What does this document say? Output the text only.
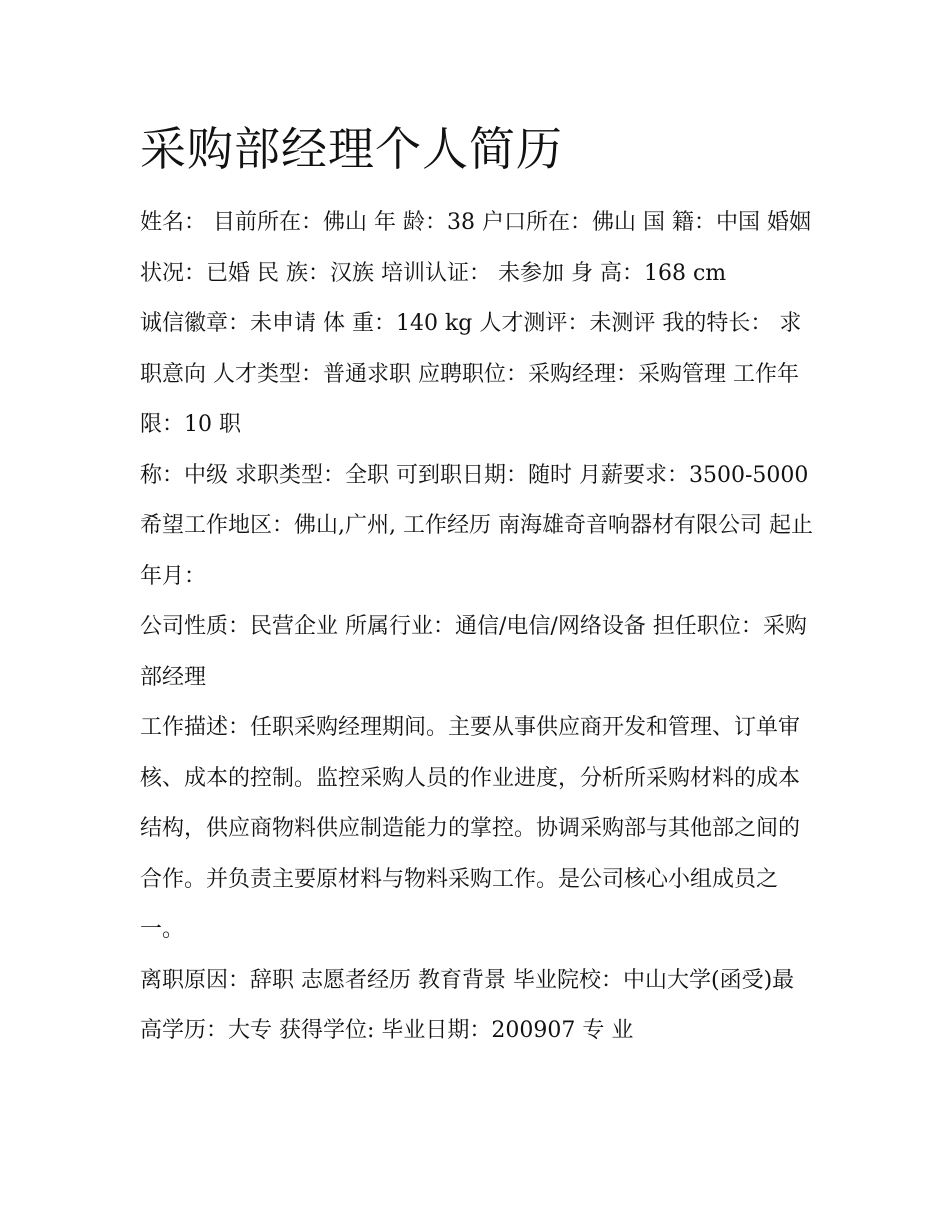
采购部经理个人简历

姓名： 目前所在：佛山 年 龄：38 户口所在：佛山 国 籍：中国 婚姻状况：已婚 民 族：汉族 培训认证： 未参加 身 高：168 cm

诚信徽章：未申请 体 重：140 kg 人才测评：未测评 我的特长： 求职意向 人才类型：普通求职 应聘职位：采购经理：采购管理 工作年限：10 职

称：中级 求职类型：全职 可到职日期：随时 月薪要求：3500-5000 希望工作地区：佛山,广州, 工作经历 南海雄奇音响器材有限公司 起止年月：

公司性质：民营企业 所属行业：通信/电信/网络设备 担任职位：采购部经理

工作描述：任职采购经理期间。主要从事供应商开发和管理、订单审核、成本的控制。监控采购人员的作业进度，分析所采购材料的成本结构，供应商物料供应制造能力的掌控。协调采购部与其他部之间的合作。并负责主要原材料与物料采购工作。是公司核心小组成员之一。

离职原因：辞职 志愿者经历 教育背景 毕业院校：中山大学(函受)最高学历：大专 获得学位: 毕业日期：200907 专 业
